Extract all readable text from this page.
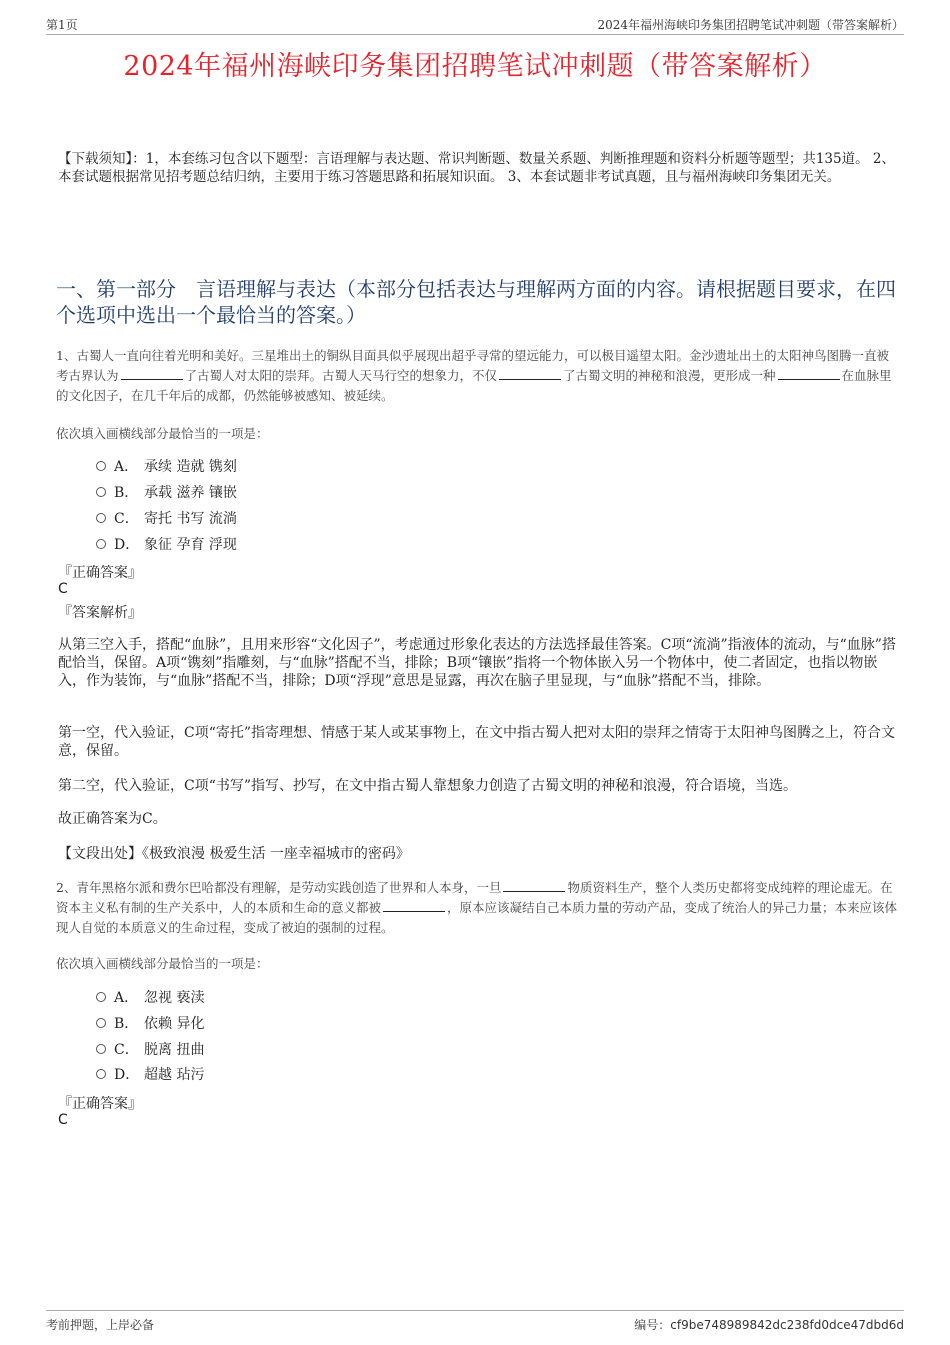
第1页	2024年福州海峡印务集团招聘笔试冲刺题（带答案解析）
2024年福州海峡印务集团招聘笔试冲刺题（带答案解析）
【下载须知】：1，本套练习包含以下题型：言语理解与表达题、常识判断题、数量关系题、判断推理题和资料分析题等题型；共135道。 2、本套试题根据常见招考题总结归纳，主要用于练习答题思路和拓展知识面。 3、本套试题非考试真题，且与福州海峡印务集团无关。
一、第一部分　言语理解与表达（本部分包括表达与理解两方面的内容。请根据题目要求，在四个选项中选出一个最恰当的答案。）
1、古蜀人一直向往着光明和美好。三星堆出土的铜纵目面具似乎展现出超乎寻常的望远能力，可以极目遥望太阳。金沙遗址出土的太阳神鸟图腾一直被考古界认为	了古蜀人对太阳的崇拜。古蜀人天马行空的想象力，不仅	了古蜀文明的神秘和浪漫，更形成一种	在血脉里的文化因子，在几千年后的成都，仍然能够被感知、被延续。
依次填入画横线部分最恰当的一项是：
A． 承续 造就 镌刻
B． 承载 滋养 镶嵌
C． 寄托 书写 流淌
D． 象征 孕育 浮现
『正确答案』
C
『答案解析』
从第三空入手，搭配“血脉”，且用来形容“文化因子”，考虑通过形象化表达的方法选择最佳答案。C项“流淌”指液体的流动，与“血脉”搭配恰当，保留。A项“镌刻”指雕刻，与“血脉”搭配不当，排除；B项“镶嵌”指将一个物体嵌入另一个物体中，使二者固定，也指以物嵌入，作为装饰，与“血脉”搭配不当，排除；D项“浮现”意思是显露，再次在脑子里显现，与“血脉”搭配不当，排除。
第一空，代入验证，C项“寄托”指寄理想、情感于某人或某事物上，在文中指古蜀人把对太阳的崇拜之情寄于太阳神鸟图腾之上，符合文意，保留。
第二空，代入验证，C项“书写”指写、抄写，在文中指古蜀人靠想象力创造了古蜀文明的神秘和浪漫，符合语境，当选。
故正确答案为C。
【文段出处】《极致浪漫 极爱生活 一座幸福城市的密码》
2、青年黑格尔派和费尔巴哈都没有理解，是劳动实践创造了世界和人本身，一旦	物质资料生产，整个人类历史都将变成纯粹的理论虚无。在资本主义私有制的生产关系中，人的本质和生命的意义都被	，原本应该凝结自己本质力量的劳动产品，变成了统治人的异己力量；本来应该体现人自觉的本质意义的生命过程，变成了被迫的强制的过程。
依次填入画横线部分最恰当的一项是：
A． 忽视 亵渎
B． 依赖 异化
C． 脱离 扭曲
D． 超越 玷污
『正确答案』
C
考前押题，上岸必备	编号：cf9be748989842dc238fd0dce47dbd6d
